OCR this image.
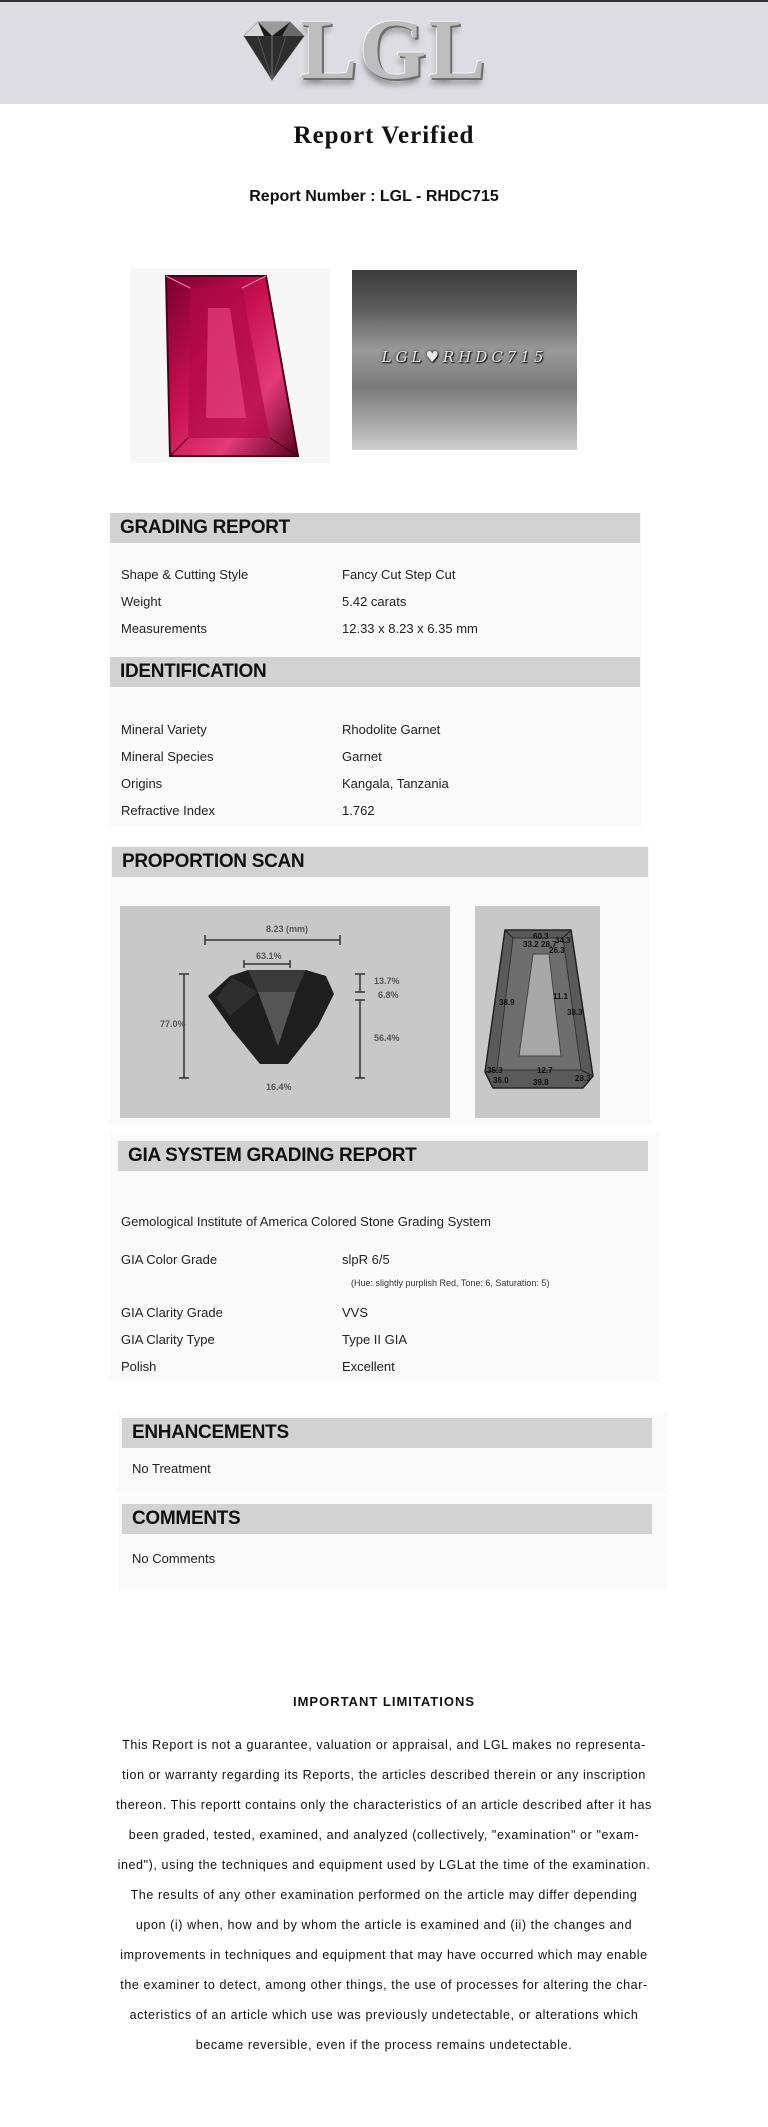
LGL
Report Verified
Report Number : LGL - RHDC715
LGL♥RHDC715
GRADING REPORT
Shape & Cutting Style	Fancy Cut Step Cut
Weight	5.42 carats
Measurements	12.33 x 8.23 x 6.35 mm
IDENTIFICATION
Mineral Variety	Rhodolite Garnet
Mineral Species	Garnet
Origins	Kangala, Tanzania
Refractive Index	1.762
PROPORTION SCAN
8.23 (mm)
63.1%
77.0%
13.7%
6.8%
56.4%
16.4%
60.3
33.2 28.7
34.3
26.3
38.9
11.1
38.3
35.3
36.0
12.7
39.8	28.3
GIA SYSTEM GRADING REPORT
Gemological Institute of America Colored Stone Grading System
GIA Color Grade	slpR 6/5
(Hue: slightly purplish Red, Tone: 6, Saturation: 5)
GIA Clarity Grade	VVS
GIA Clarity Type	Type II GIA
Polish	Excellent
ENHANCEMENTS
No Treatment
COMMENTS
No Comments
IMPORTANT LIMITATIONS
This Report is not a guarantee, valuation or appraisal, and LGL makes no representa-
tion or warranty regarding its Reports, the articles described therein or any inscription
thereon. This reportt contains only the characteristics of an article described after it has
been graded, tested, examined, and analyzed (collectively, "examination" or "exam-
ined"), using the techniques and equipment used by LGLat the time of the examination.
The results of any other examination performed on the article may differ depending
upon (i) when, how and by whom the article is examined and (ii) the changes and
improvements in techniques and equipment that may have occurred which may enable
the examiner to detect, among other things, the use of processes for altering the char-
acteristics of an article which use was previously undetectable, or alterations which
became reversible, even if the process remains undetectable.
